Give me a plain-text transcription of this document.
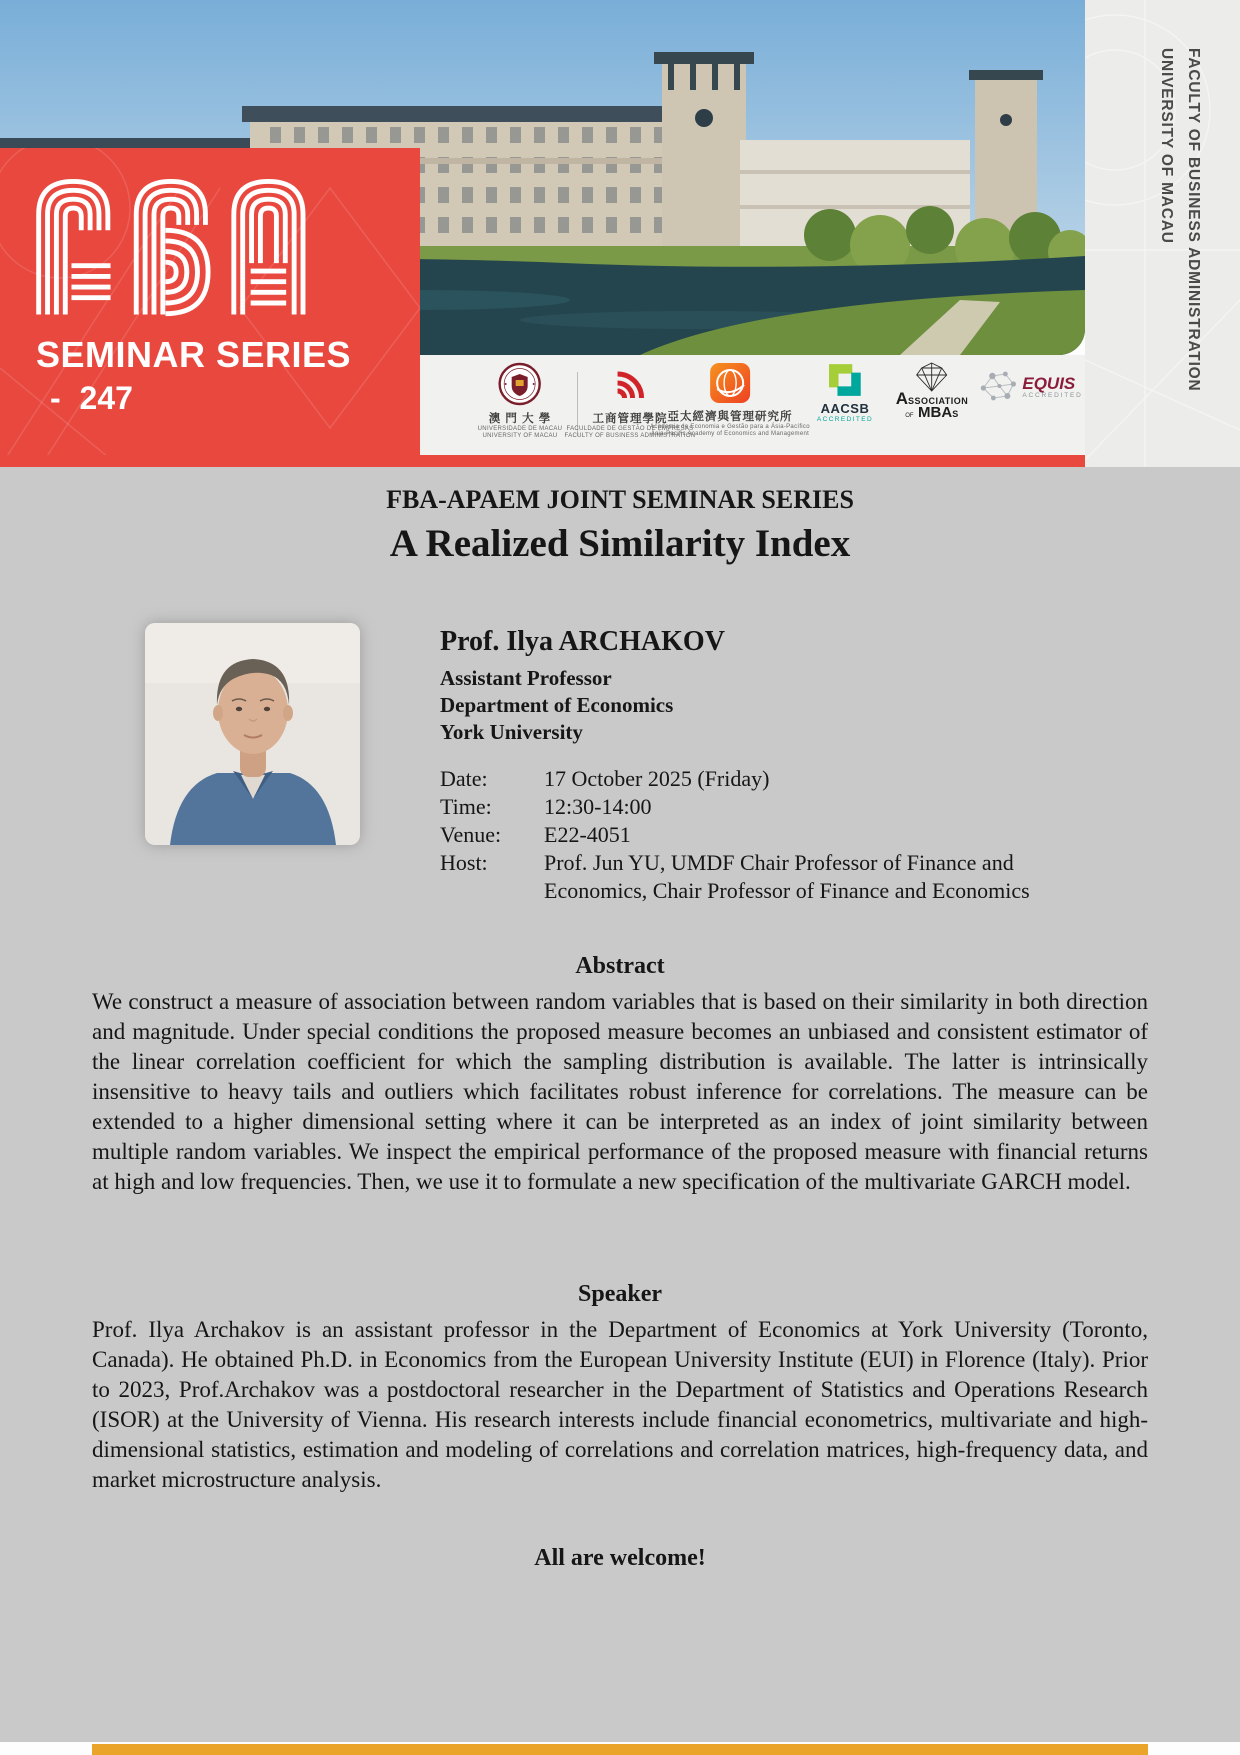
SEMINAR SERIES
- 247
澳 門 大 學
UNIVERSIDADE DE MACAU
UNIVERSITY OF MACAU
工商管理學院
FACULDADE DE GESTÃO DE EMPRESAS
FACULTY OF BUSINESS ADMINISTRATION
亞太經濟與管理研究所
Academia de Economia e Gestão para a Ásia-Pacífico
Asia-Pacific Academy of Economics and Management
AACSB
ACCREDITED
ASSOCIATION
OF MBAS
EQUIS
ACCREDITED
UNIVERSITY OF MACAU FACULTY OF BUSINESS ADMINISTRATION
FBA-APAEM JOINT SEMINAR SERIES
A Realized Similarity Index
Prof. Ilya ARCHAKOV
Assistant Professor
Department of Economics
York University
Date:	17 October 2025 (Friday)
Time:	12:30-14:00
Venue:	E22-4051
Host:	Prof. Jun YU, UMDF Chair Professor of Finance and Economics, Chair Professor of Finance and Economics
Abstract
We construct a measure of association between random variables that is based on their similarity in both direction and magnitude. Under special conditions the proposed measure becomes an unbiased and consistent estimator of the linear correlation coefficient for which the sampling distribution is available. The latter is intrinsically insensitive to heavy tails and outliers which facilitates robust inference for correlations. The measure can be extended to a higher dimensional setting where it can be interpreted as an index of joint similarity between multiple random variables. We inspect the empirical performance of the proposed measure with financial returns at high and low frequencies. Then, we use it to formulate a new specification of the multivariate GARCH model.
Speaker
Prof. Ilya Archakov is an assistant professor in the Department of Economics at York University (Toronto, Canada). He obtained Ph.D. in Economics from the European University Institute (EUI) in Florence (Italy). Prior to 2023, Prof.Archakov was a postdoctoral researcher in the Department of Statistics and Operations Research (ISOR) at the University of Vienna. His research interests include financial econometrics, multivariate and high-dimensional statistics, estimation and modeling of correlations and correlation matrices, high-frequency data, and market microstructure analysis.
All are welcome!
